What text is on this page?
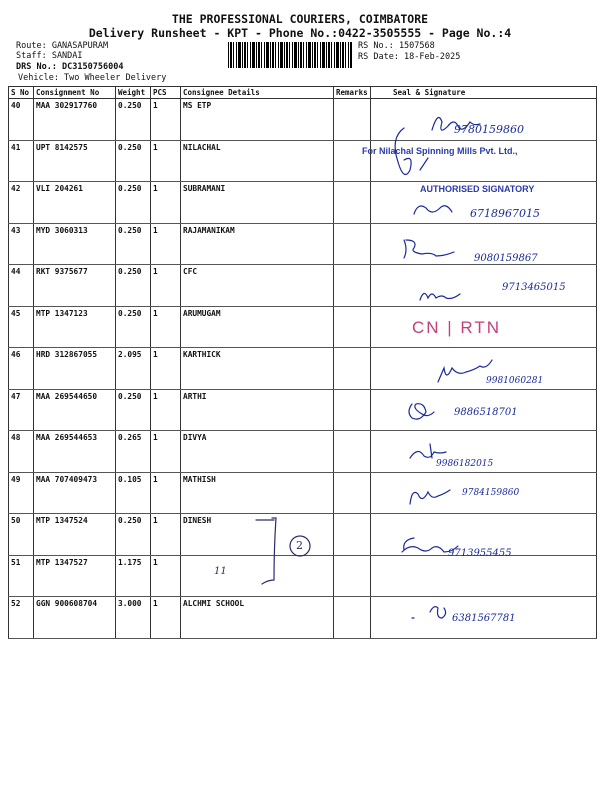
THE PROFESSIONAL COURIERS, COIMBATORE
Delivery Runsheet - KPT - Phone No.:0422-3505555 - Page No.:4
Route: GANASAPURAM
Staff: SANDAI
DRS No.: DC3150756004
Vehicle: Two Wheeler Delivery
RS No.: 1507568
RS Date: 18-Feb-2025
S No	Consignment No	Weight	PCS	Consignee Details	Remarks	Seal & Signature
40	MAA 302917760	0.250	1	MS ETP		
41	UPT 8142575	0.250	1	NILACHAL		
42	VLI 204261	0.250	1	SUBRAMANI		
43	MYD 3060313	0.250	1	RAJAMANIKAM		
44	RKT 9375677	0.250	1	CFC		
45	MTP 1347123	0.250	1	ARUMUGAM		
46	HRD 312867055	2.095	1	KARTHICK		
47	MAA 269544650	0.250	1	ARTHI		
48	MAA 269544653	0.265	1	DIVYA		
49	MAA 707409473	0.105	1	MATHISH		
50	MTP 1347524	0.250	1	DINESH		
51	MTP 1347527	1.175	1			
52	GGN 900608704	3.000	1	ALCHMI SCHOOL		
9780159860
For Nilachal Spinning Mills Pvt. Ltd.,
AUTHORISED SIGNATORY
6718967015
9080159867
9713465015
CN | RTN
9981060281
9886518701
9986182015
9784159860
2
11
9713955455
6381567781
